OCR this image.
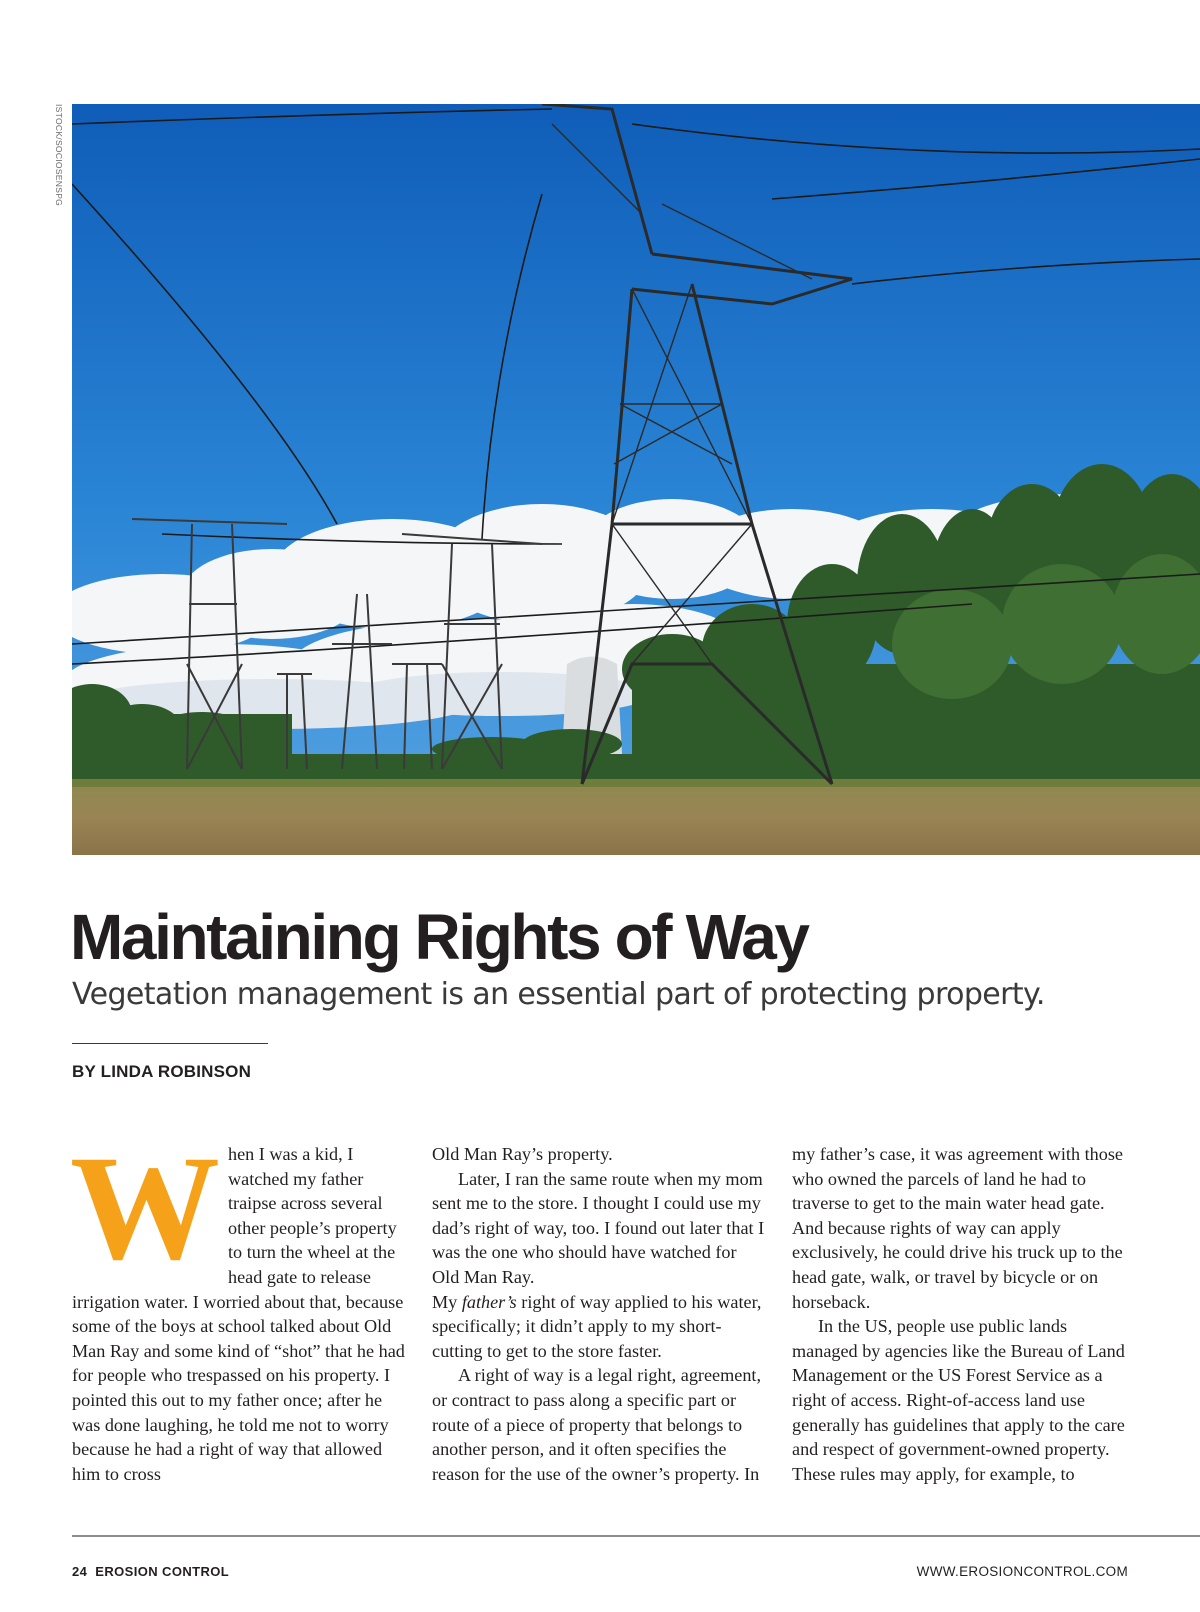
ISTOCK/SOCIOSENSPG
Maintaining Rights of Way

Vegetation management is an essential part of protecting property.

BY LINDA ROBINSON

W hen I was a kid, I watched my father traipse across several other people’s property to turn the wheel at the head gate to release irrigation water. I worried about that, because some of the boys at school talked about Old Man Ray and some kind of “shot” that he had for people who trespassed on his property. I pointed this out to my father once; after he was done laughing, he told me not to worry because he had a right of way that allowed him to cross

Old Man Ray’s property.

Later, I ran the same route when my mom sent me to the store. I thought I could use my dad’s right of way, too. I found out later that I was the one who should have watched for Old Man Ray.

My father’s right of way applied to his water, specifically; it didn’t apply to my short-cutting to get to the store faster.

A right of way is a legal right, agreement, or contract to pass along a specific part or route of a piece of property that belongs to another person, and it often specifies the reason for the use of the owner’s property. In

my father’s case, it was agreement with those who owned the parcels of land he had to traverse to get to the main water head gate. And because rights of way can apply exclusively, he could drive his truck up to the head gate, walk, or travel by bicycle or on horseback.

In the US, people use public lands managed by agencies like the Bureau of Land Management or the US Forest Service as a right of access. Right-of-access land use generally has guidelines that apply to the care and respect of government-owned property. These rules may apply, for example, to

24 EROSION CONTROL	WWW.EROSIONCONTROL.COM
